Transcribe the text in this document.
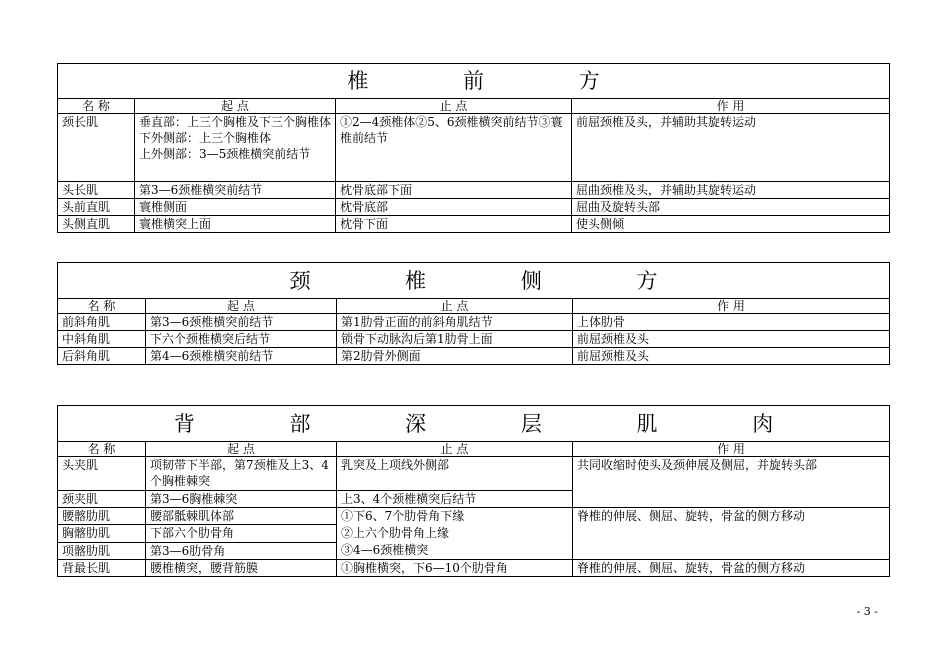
椎 前 方			
名 称	起 点	止 点	作 用
颈长肌	垂直部：上三个胸椎及下三个胸椎体
下外侧部：上三个胸椎体
上外侧部：3—5颈椎横突前结节	①2—4颈椎体②5、6颈椎横突前结节③寰椎前结节	前屈颈椎及头，并辅助其旋转运动
头长肌	第3—6颈椎横突前结节	枕骨底部下面	屈曲颈椎及头，并辅助其旋转运动
头前直肌	寰椎侧面	枕骨底部	屈曲及旋转头部
头侧直肌	寰椎横突上面	枕骨下面	使头侧倾
颈 椎 侧 方			
名 称	起 点	止 点	作 用
前斜角肌	第3—6颈椎横突前结节	第1肋骨正面的前斜角肌结节	上体肋骨
中斜角肌	下六个颈椎横突后结节	锁骨下动脉沟后第1肋骨上面	前屈颈椎及头
后斜角肌	第4—6颈椎横突前结节	第2肋骨外侧面	前屈颈椎及头
背 部 深 层 肌 肉			
名 称	起 点	止 点	作 用
头夹肌	项韧带下半部，第7颈椎及上3、4个胸椎棘突	乳突及上项线外侧部	共同收缩时使头及颈伸展及侧屈，并旋转头部
颈夹肌	第3—6胸椎棘突	上3、4个颈椎横突后结节	
腰髂肋肌	腰部骶棘肌体部	①下6、7个肋骨角下缘
②上六个肋骨角上缘
③4—6颈椎横突	脊椎的伸展、侧屈、旋转，骨盆的侧方移动
胸髂肋肌	下部六个肋骨角		
项髂肋肌	第3—6肋骨角		
背最长肌	腰椎横突，腰背筋膜	①胸椎横突，下6—10个肋骨角	脊椎的伸展、侧屈、旋转，骨盆的侧方移动
- 3 -
